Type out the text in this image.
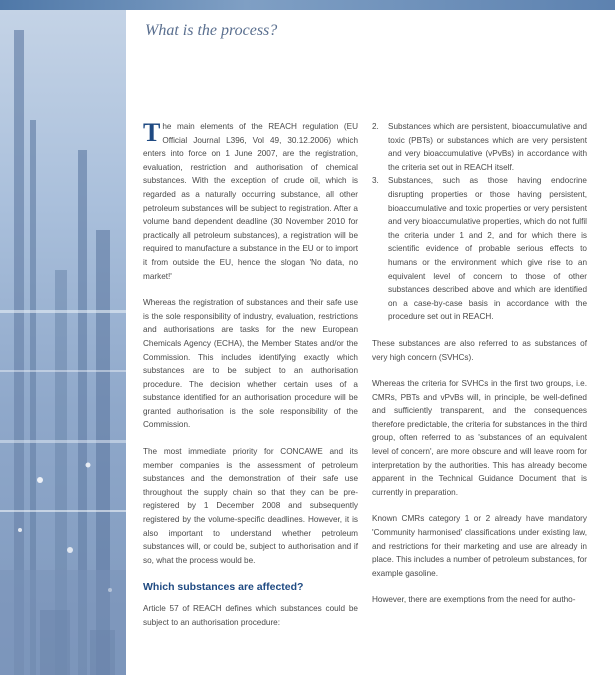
What is the process?

The main elements of the REACH regulation (EU Official Journal L396, Vol 49, 30.12.2006) which enters into force on 1 June 2007, are the registration, evaluation, restriction and authorisation of chemical substances. With the exception of crude oil, which is regarded as a naturally occurring substance, all other petroleum substances will be subject to registration. After a volume band dependent deadline (30 November 2010 for practically all petroleum substances), a registration will be required to manufacture a substance in the EU or to import it from outside the EU, hence the slogan 'No data, no market!'

Whereas the registration of substances and their safe use is the sole responsibility of industry, evaluation, restrictions and authorisations are tasks for the new European Chemicals Agency (ECHA), the Member States and/or the Commission. This includes identifying exactly which substances are to be subject to an authorisation procedure. The decision whether certain uses of a substance identified for an authorisation procedure will be granted authorisation is the sole responsibility of the Commission.

The most immediate priority for CONCAWE and its member companies is the assessment of petroleum substances and the demonstration of their safe use throughout the supply chain so that they can be pre-registered by 1 December 2008 and subsequently registered by the volume-specific deadlines. However, it is also important to understand whether petroleum substances will, or could be, subject to authorisation and if so, what the process would be.

Which substances are affected?

Article 57 of REACH defines which substances could be subject to an authorisation procedure:

2. Substances which are persistent, bioaccumulative and toxic (PBTs) or substances which are very persistent and very bioaccumulative (vPvBs) in accordance with the criteria set out in REACH itself.
3. Substances, such as those having endocrine disrupting properties or those having persistent, bioaccumulative and toxic properties or very persistent and very bioaccumulative properties, which do not fulfil the criteria under 1 and 2, and for which there is scientific evidence of probable serious effects to humans or the environment which give rise to an equivalent level of concern to those of other substances described above and which are identified on a case-by-case basis in accordance with the procedure set out in REACH.

These substances are also referred to as substances of very high concern (SVHCs).

Whereas the criteria for SVHCs in the first two groups, i.e. CMRs, PBTs and vPvBs will, in principle, be well-defined and sufficiently transparent, and the consequences therefore predictable, the criteria for substances in the third group, often referred to as 'substances of an equivalent level of concern', are more obscure and will leave room for interpretation by the authorities. This has already become apparent in the Technical Guidance Document that is currently in preparation.

Known CMRs category 1 or 2 already have mandatory 'Community harmonised' classifications under existing law, and restrictions for their marketing and use are already in place. This includes a number of petroleum substances, for example gasoline.

However, there are exemptions from the need for autho-
